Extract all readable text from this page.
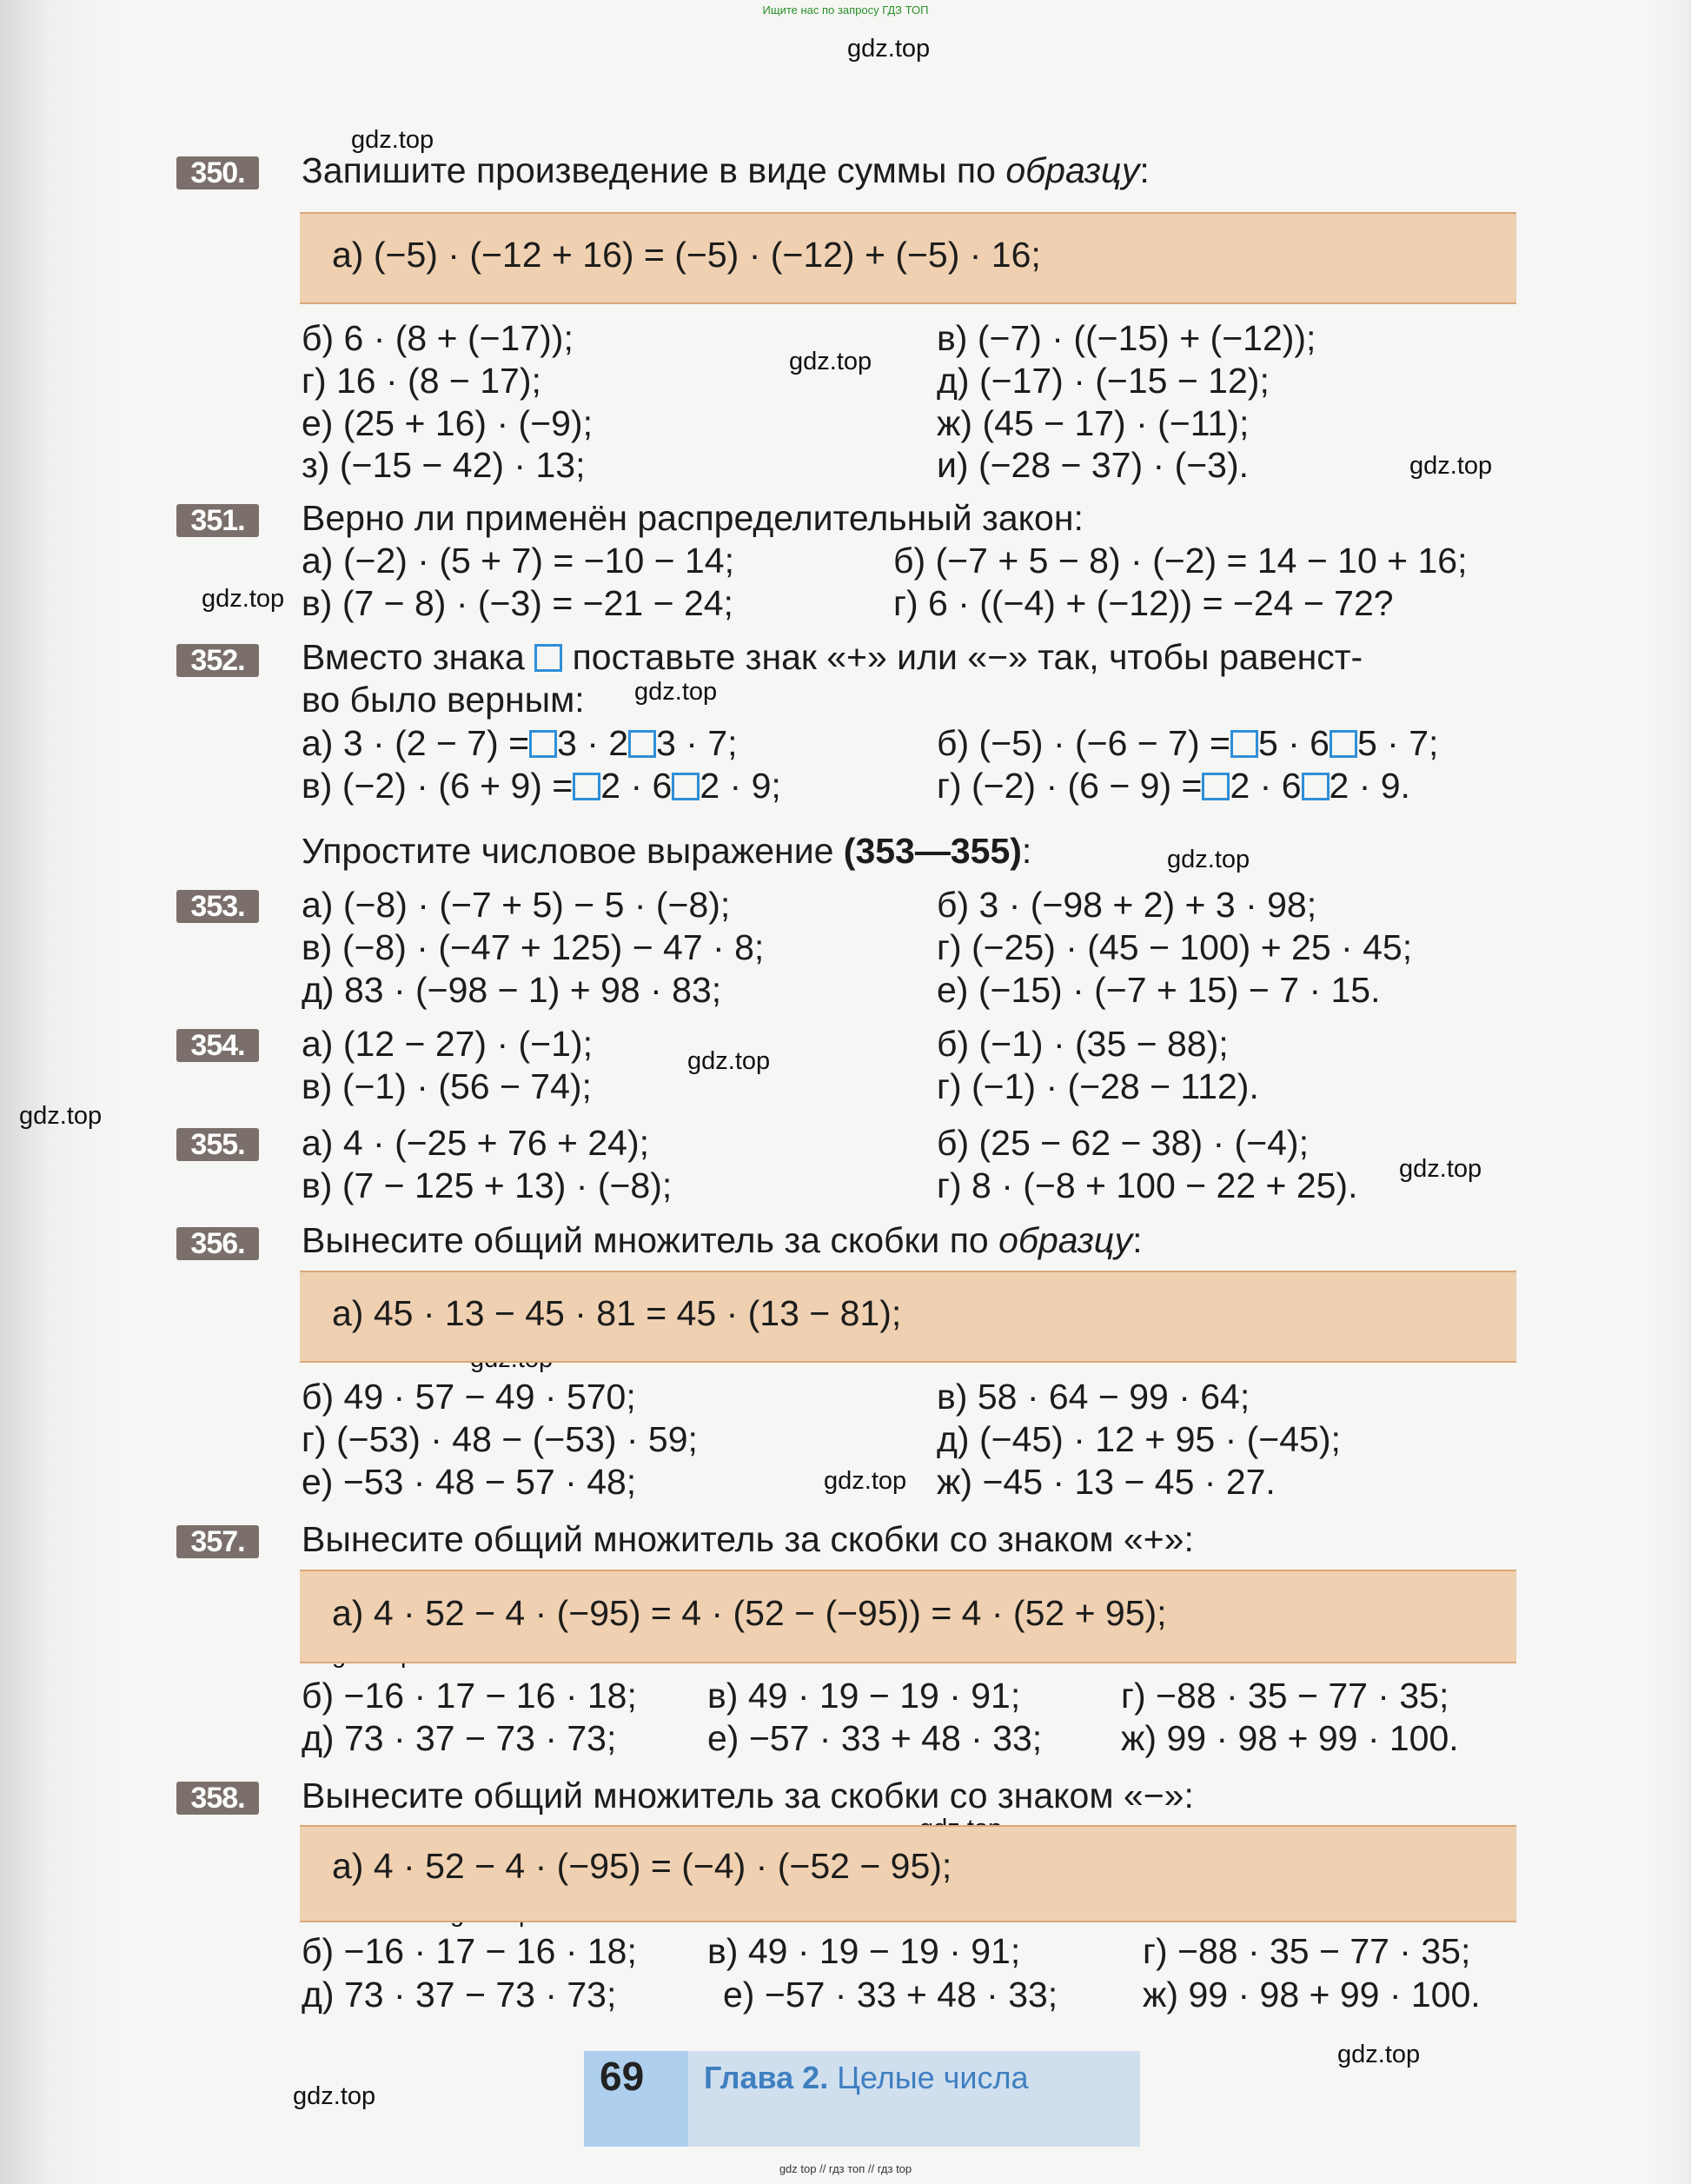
Ищите нас по запросу ГДЗ ТОП
gdz.top
gdz.top
gdz.top
gdz.top
gdz.top
gdz.top
gdz.top
gdz.top
gdz.top
gdz.top
gdz.top
gdz.top
gdz.top
350.	Запишите произведение в виде суммы по образцу:
а) (−5) · (−12 + 16) = (−5) · (−12) + (−5) · 16;
б) 6 · (8 + (−17));	в) (−7) · ((−15) + (−12));
г) 16 · (8 − 17);	д) (−17) · (−15 − 12);
е) (25 + 16) · (−9);	ж) (45 − 17) · (−11);
з) (−15 − 42) · 13;	и) (−28 − 37) · (−3).
351.	Верно ли применён распределительный закон:
а) (−2) · (5 + 7) = −10 − 14;	б) (−7 + 5 − 8) · (−2) = 14 − 10 + 16;
в) (7 − 8) · (−3) = −21 − 24;	г) 6 · ((−4) + (−12)) = −24 − 72?
352.	Вместо знака поставьте знак «+» или «−» так, чтобы равенст-
во было верным:
а) 3 · (2 − 7) = 3 · 2 3 · 7;	б) (−5) · (−6 − 7) = 5 · 6 5 · 7;
в) (−2) · (6 + 9) = 2 · 6 2 · 9;	г) (−2) · (6 − 9) = 2 · 6 2 · 9.
Упростите числовое выражение (353—355):
353.	а) (−8) · (−7 + 5) − 5 · (−8);	б) 3 · (−98 + 2) + 3 · 98;
в) (−8) · (−47 + 125) − 47 · 8;	г) (−25) · (45 − 100) + 25 · 45;
д) 83 · (−98 − 1) + 98 · 83;	е) (−15) · (−7 + 15) − 7 · 15.
354.	а) (12 − 27) · (−1);	б) (−1) · (35 − 88);
в) (−1) · (56 − 74);	г) (−1) · (−28 − 112).
355.	а) 4 · (−25 + 76 + 24);	б) (25 − 62 − 38) · (−4);
в) (7 − 125 + 13) · (−8);	г) 8 · (−8 + 100 − 22 + 25).
356.	Вынесите общий множитель за скобки по образцу:
а) 45 · 13 − 45 · 81 = 45 · (13 − 81);
б) 49 · 57 − 49 · 570;	в) 58 · 64 − 99 · 64;
г) (−53) · 48 − (−53) · 59;	д) (−45) · 12 + 95 · (−45);
е) −53 · 48 − 57 · 48;	ж) −45 · 13 − 45 · 27.
357.	Вынесите общий множитель за скобки со знаком «+»:
а) 4 · 52 − 4 · (−95) = 4 · (52 − (−95)) = 4 · (52 + 95);
б) −16 · 17 − 16 · 18; в) 49 · 19 − 19 · 91;	г) −88 · 35 − 77 · 35;
д) 73 · 37 − 73 · 73;	е) −57 · 33 + 48 · 33; ж) 99 · 98 + 99 · 100.
358.	Вынесите общий множитель за скобки со знаком «−»:
а) 4 · 52 − 4 · (−95) = (−4) · (−52 − 95);
б) −16 · 17 − 16 · 18; в) 49 · 19 − 19 · 91;	г) −88 · 35 − 77 · 35;
д) 73 · 37 − 73 · 73;	е) −57 · 33 + 48 · 33; ж) 99 · 98 + 99 · 100.
69 Глава 2. Целые числа
gdz top // гдз топ // гдз top
